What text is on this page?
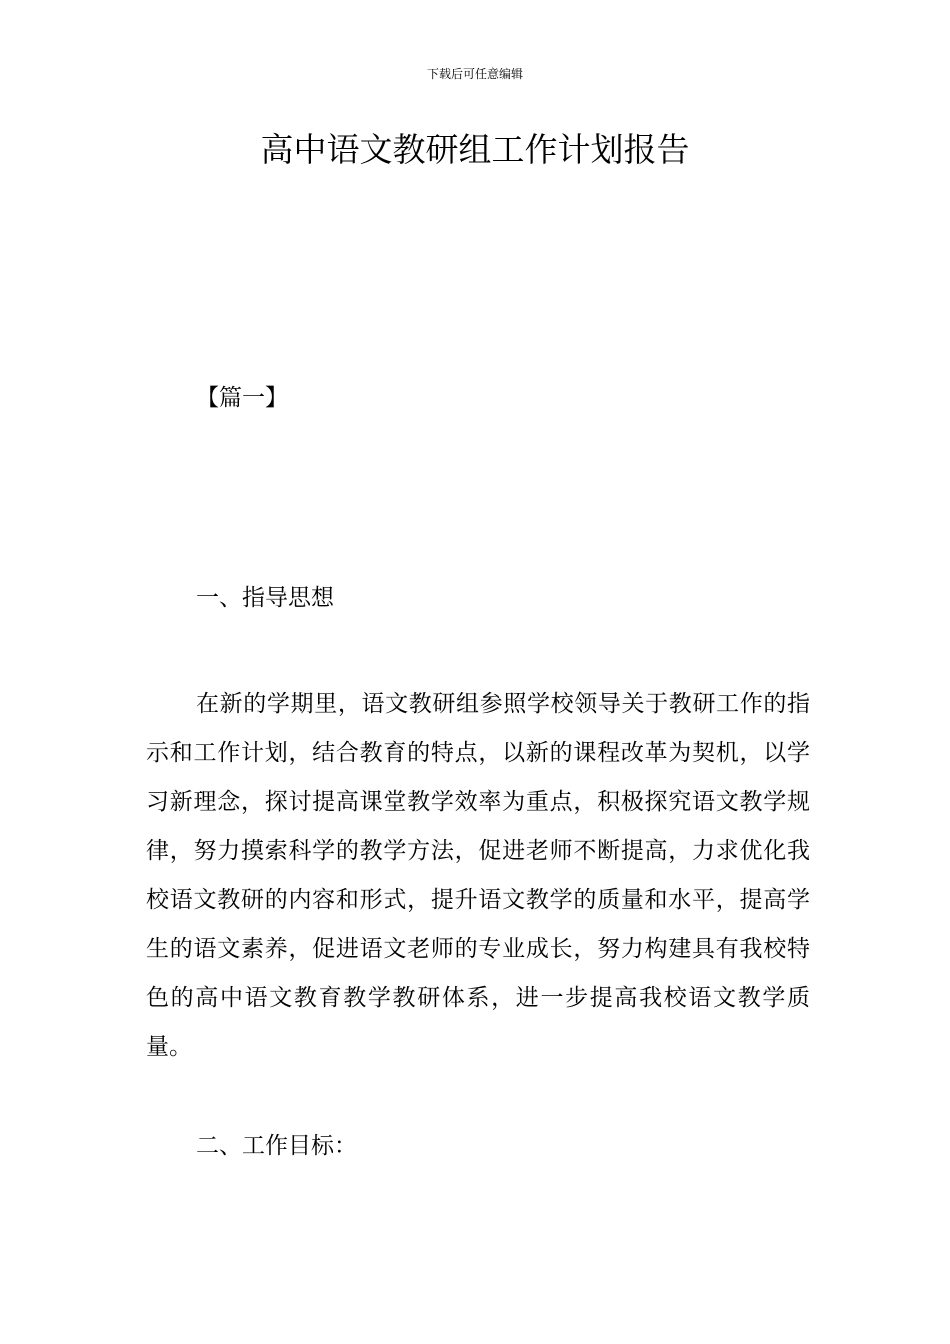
下载后可任意编辑
高中语文教研组工作计划报告
【篇一】
一、指导思想

在新的学期里，语文教研组参照学校领导关于教研工作的指示和工作计划，结合教育的特点，以新的课程改革为契机，以学习新理念，探讨提高课堂教学效率为重点，积极探究语文教学规律，努力摸索科学的教学方法，促进老师不断提高，力求优化我校语文教研的内容和形式，提升语文教学的质量和水平，提高学生的语文素养，促进语文老师的专业成长，努力构建具有我校特色的高中语文教育教学教研体系，进一步提高我校语文教学质量。

二、工作目标：
